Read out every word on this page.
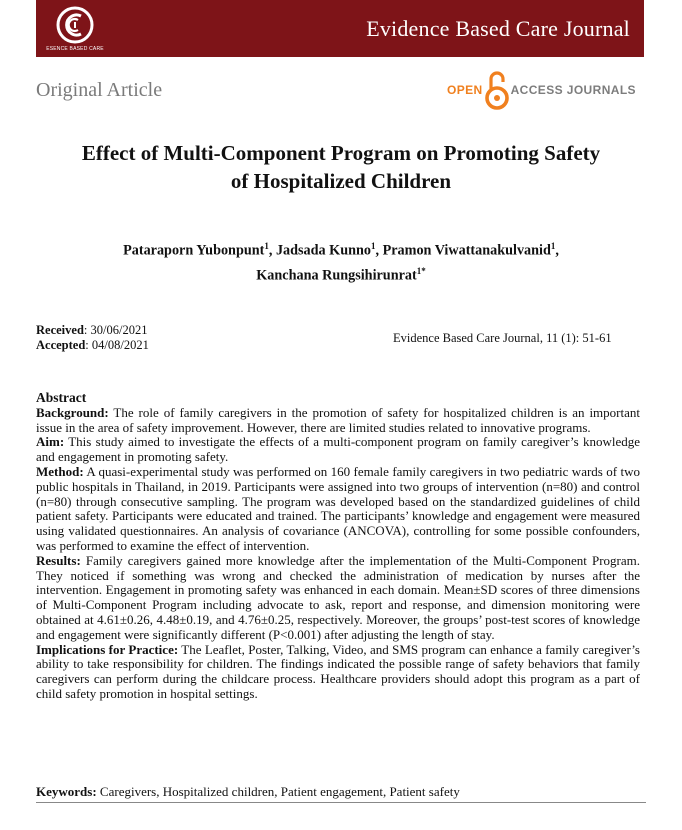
ESENCE BASED CARE
Evidence Based Care Journal
Original Article	OPEN ACCESS JOURNALS
Effect of Multi-Component Program on Promoting Safety
of Hospitalized Children
Pataraporn Yubonpunt$^1$, Jadsada Kunno$^1$, Pramon Viwattanakulvanid$^1$,
Kanchana Rungsihirunrat$^{1*}$
Received: 30/06/2021
Accepted: 04/08/2021	Evidence Based Care Journal, 11 (1): 51-61

Abstract

Background: The role of family caregivers in the promotion of safety for hospitalized children is an important issue in the area of safety improvement. However, there are limited studies related to innovative programs.

Aim: This study aimed to investigate the effects of a multi-component program on family caregiver’s knowledge and engagement in promoting safety.

Method: A quasi-experimental study was performed on 160 female family caregivers in two pediatric wards of two public hospitals in Thailand, in 2019. Participants were assigned into two groups of intervention (n=80) and control (n=80) through consecutive sampling. The program was developed based on the standardized guidelines of child patient safety. Participants were educated and trained. The participants’ knowledge and engagement were measured using validated questionnaires. An analysis of covariance (ANCOVA), controlling for some possible confounders, was performed to examine the effect of intervention.

Results: Family caregivers gained more knowledge after the implementation of the Multi-Component Program. They noticed if something was wrong and checked the administration of medication by nurses after the intervention. Engagement in promoting safety was enhanced in each domain. Mean±SD scores of three dimensions of Multi-Component Program including advocate to ask, report and response, and dimension monitoring were obtained at 4.61±0.26, 4.48±0.19, and 4.76±0.25, respectively. Moreover, the groups’ post-test scores of knowledge and engagement were significantly different (P<0.001) after adjusting the length of stay.

Implications for Practice: The Leaflet, Poster, Talking, Video, and SMS program can enhance a family caregiver’s ability to take responsibility for children. The findings indicated the possible range of safety behaviors that family caregivers can perform during the childcare process. Healthcare providers should adopt this program as a part of child safety promotion in hospital settings.

Keywords: Caregivers, Hospitalized children, Patient engagement, Patient safety
